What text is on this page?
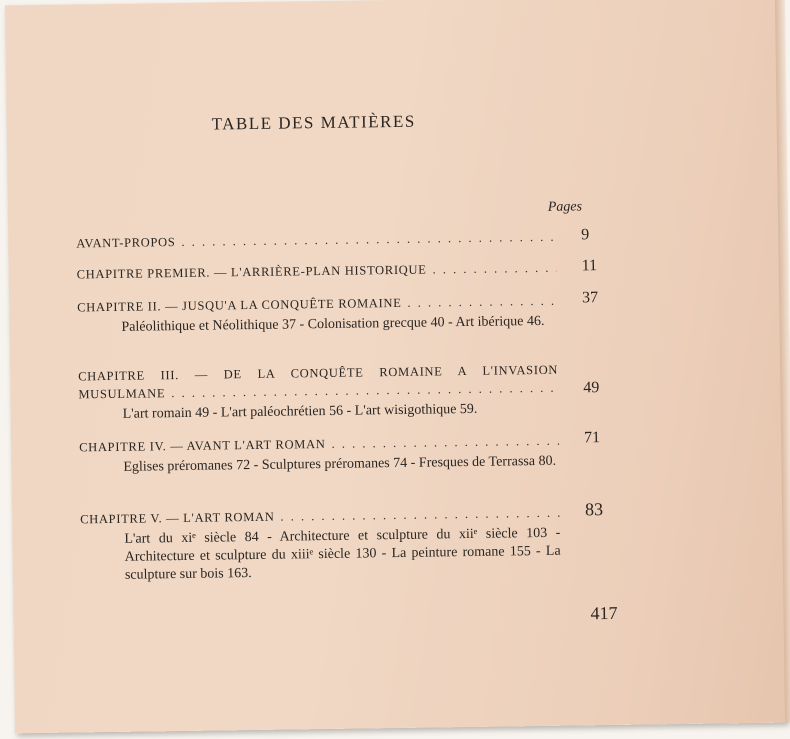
TABLE DES MATIÈRES
Pages
AVANT-PROPOS . . .	9
CHAPITRE PREMIER. — L'ARRIÈRE-PLAN HISTORIQUE . . .	11
CHAPITRE II. — JUSQU'A LA CONQUÊTE ROMAINE . . .	37
Paléolithique et Néolithique 37 - Colonisation grecque 40 - Art ibérique 46.
CHAPITRE III. — DE LA CONQUÊTE ROMAINE A L'INVASION
MUSULMANE . . .	49
L'art romain 49 - L'art paléochrétien 56 - L'art wisigothique 59.
CHAPITRE IV. — AVANT L'ART ROMAN . . .	71
Eglises préromanes 72 - Sculptures préromanes 74 - Fresques de Terrassa 80.
CHAPITRE V. — L'ART ROMAN . . .	83
L'art du xiᵉ siècle 84 - Architecture et sculpture du xiiᵉ siècle 103 - Architecture et sculpture du xiiiᵉ siècle 130 - La peinture romane 155 - La sculpture sur bois 163.
417
